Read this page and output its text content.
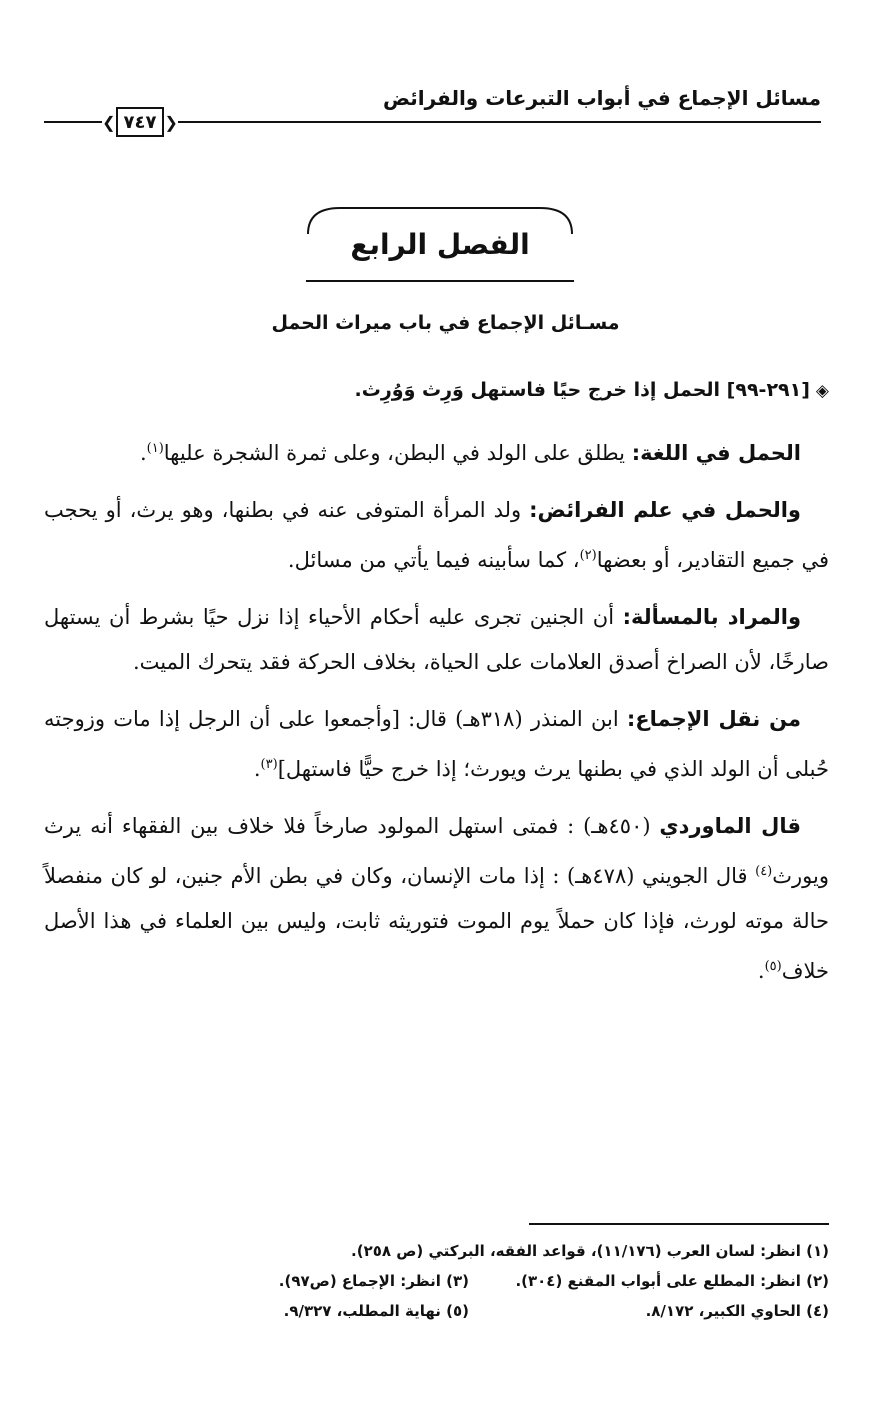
مسائل الإجماع في أبواب التبرعات والفرائض
❮ ٧٤٧ ❯
الفصل الرابع
مسـائل الإجماع في باب ميراث الحمل

◈[٢٩١-٩٩] الحمل إذا خرج حيًا فاستهل وَرِث وَوُرِث.

الحمل في اللغة: يطلق على الولد في البطن، وعلى ثمرة الشجرة عليها$^{(١)}$.

والحمل في علم الفرائض: ولد المرأة المتوفى عنه في بطنها، وهو يرث، أو يحجب في جميع التقادير، أو بعضها$^{(٢)}$، كما سأبينه فيما يأتي من مسائل.

والمراد بالمسألة: أن الجنين تجرى عليه أحكام الأحياء إذا نزل حيًا بشرط أن يستهل صارخًا، لأن الصراخ أصدق العلامات على الحياة، بخلاف الحركة فقد يتحرك الميت.

من نقل الإجماع: ابن المنذر (٣١٨هـ) قال: [وأجمعوا على أن الرجل إذا مات وزوجته حُبلى أن الولد الذي في بطنها يرث ويورث؛ إذا خرج حيًّا فاستهل]$^{(٣)}$.

قال الماوردي (٤٥٠هـ) : فمتى استهل المولود صارخاً فلا خلاف بين الفقهاء أنه يرث ويورث$^{(٤)}$ قال الجويني (٤٧٨هـ) : إذا مات الإنسان، وكان في بطن الأم جنين، لو كان منفصلاً حالة موته لورث، فإذا كان حملاً يوم الموت فتوريثه ثابت، وليس بين العلماء في هذا الأصل خلاف$^{(٥)}$.

(١) انظر: لسان العرب (١١/١٧٦)، قواعد الفقه، البركتي (ص ٢٥٨).
(٢) انظر: المطلع على أبواب المقنع (٣٠٤).
(٣) انظر: الإجماع (ص٩٧).
(٤) الحاوي الكبير، ٨/١٧٢.
(٥) نهاية المطلب، ٩/٣٢٧.
